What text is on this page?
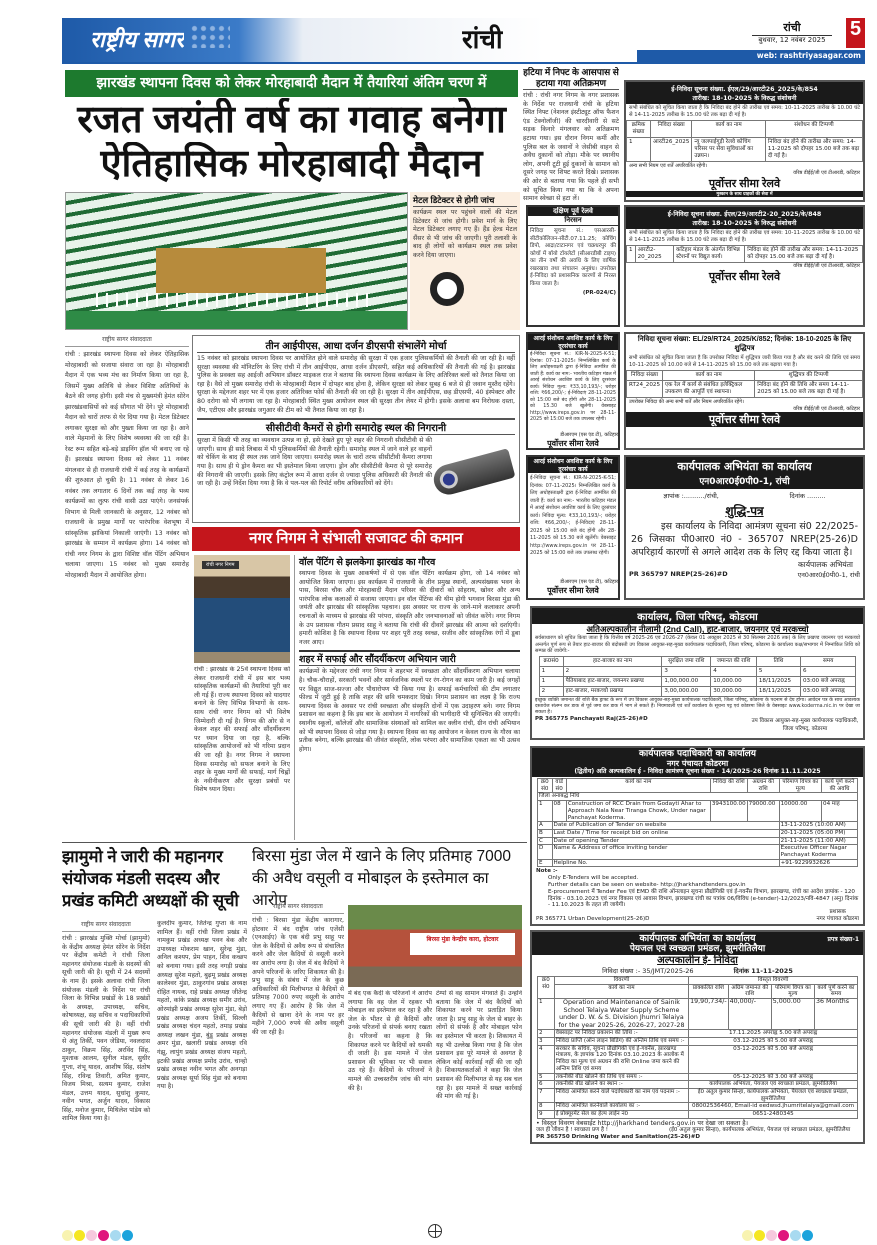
राष्ट्रीय सागर	रांची	रांची
बुधवार, 12 नवंबर 2025	5
web: rashtriyasagar.com
झारखंड स्थापना दिवस को लेकर मोरहाबादी मैदान में तैयारियां अंतिम चरण में
रजत जयंती वर्ष का गवाह बनेगा
ऐतिहासिक मोरहाबादी मैदान
मेटल डिटेक्टर से होगी जांच
कार्यक्रम स्थल पर पहुंचने वालों की मेटल डिटेक्टर से जांच होगी। प्रवेश मार्ग के लिए मेटल डिटेक्टर लगाए गए हैं। हैंड हेल्ड मेटल सैंसर से भी जांच की जाएगी। पूरी तलाशी के बाद ही लोगों को कार्यक्रम स्थल तक प्रवेश करने दिया जाएगा।
राष्ट्रीय सागर संवाददाता
रांची : झारखंड स्थापना दिवस को लेकर ऐतिहासिक मोरहाबादी को सजाया संवारा जा रहा है। मोरहाबादी मैदान में एक भव्य मंच का निर्माण किया जा रहा है, जिसमें मुख्य अतिथि से लेकर विशिष्ट अतिथियों के बैठने की जगह होगी। इसी मंच से मुख्यमंत्री हेमंत सोरेन झारखंडवासियों को कई सौगात भी देंगे। पूरे मोरहाबादी मैदान को चारों तरफ से घेर दिया गया है। मेटल डिटेक्टर लगाकर सुरक्षा को और पुख्ता किया जा रहा है। आने वाले मेहमानों के लिए विशेष व्यवस्था की जा रही है। रेस्ट रूम सहित बड़े-बड़े डाइनिंग हॉल भी बनाए जा रहे हैं। झारखंड स्थापना दिवस को लेकर 11 नवंबर मंगलवार से ही राजधानी रांची में कई तरह के कार्यक्रमों की शुरुआत हो चुकी है। 11 नवंबर से लेकर 16 नवंबर तक लगातार 6 दिनों तक कई तरह के भव्य कार्यक्रमों का लुत्फ रांची वासी उठा पाएंगे। जनसंपर्क विभाग से मिली जानकारी के अनुसार, 12 नवंबर को राजधानी के प्रमुख मार्गों पर पारंपरिक वेशभूषा में सांस्कृतिक झांकियां निकाली जाएंगी। 13 नवंबर को झारखंड के सम्मान में कार्यक्रम होगा। 14 नवंबर को रांची नगर निगम के द्वारा विशिष्ट वॉल पेंटिंग अभियान चलाया जाएगा। 15 नवंबर को मुख्य समारोह मोरहाबादी मैदान में आयोजित होगा।
तीन आईपीएस, आधा दर्जन डीएसपी संभालेंगे मोर्चा
15 नवंबर को झारखंड स्थापना दिवस पर आयोजित होने वाले समारोह की सुरक्षा में एक हजार पुलिसकर्मियों की तैनाती की जा रही है। वहीं सुरक्षा व्यवस्था की मॉनिटरिंग के लिए रांची में तीन आईपीएस, आधा दर्जन डीएसपी, सहित कई अधिकारियों की तैनाती की गई है। झारखंड पुलिस के प्रवक्ता सह आईजी अभियान डॉक्टर माइकल राज ने बताया कि स्थापना दिवस कार्यक्रम के लिए अतिरिक्त बलों को तैनात किया जा रहा है। वैसे तो मुख्य समारोह रांची के मोरहाबादी मैदान में दोपहर बाद होना है, लेकिन सुरक्षा को लेकर सुबह 6 बजे से ही जवान मुस्तैद रहेंगे। सुरक्षा के मद्देनजर शहर भर में एक हजार अतिरिक्त फोर्स की तैनाती की जा रही है। सुरक्षा में तीन आईपीएस, छह डीएसपी, 40 इंस्पेक्टर और 80 दरोगा को भी लगाया जा रहा है। मोरहाबादी स्थित मुख्य आयोजन स्थल की सुरक्षा तीन लेयर में होगी। इसके अलावा बम निरोधक दस्ता, जैप, एटीएस और झारखंड जगुआर की टीम को भी तैनात किया जा रहा है।
सीसीटीवी कैमरों से होगी समारोह स्थल की निगरानी
सुरक्षा में किसी भी तरह का व्यवधान उत्पन्न ना हो, इसे देखते हुए पूरे शहर की निगरानी सीसीटीवी से की जाएगी। साथ ही सादे लिबास में भी पुलिसकर्मियों की तैनाती रहेगी। समारोह स्थल में जाने वाले हर वाहनों को चेकिंग के बाद ही स्थल तक जाने दिया जाएगा। समारोह स्थल के चारों तरफ सीसीटीवी कैमरा लगाया गया है। साथ ही ये ड्रोन कैमरा का भी इस्तेमाल किया जाएगा। ड्रोन और सीसीटीवी कैमरा से पूरे समारोह की निगरानी की जाएगी। इसके लिए कंट्रोल रूम में आधा दर्जन से ज्यादा पुलिस अधिकारी की तैनाती की जा रही है। उन्हें निर्देश दिया गया है कि वे पल-पल की रिपोर्ट वरीय अधिकारियों को देंगे।
नगर निगम ने संभाली सजावट की कमान
रांची नगर निगम
रांची : झारखंड के 25वें स्थापना दिवस को लेकर राजधानी रांची में इस बार भव्य सांस्कृतिक कार्यक्रमों की तैयारियां पूरी कर ली गई हैं। राज्य स्थापना दिवस को यादगार बनाने के लिए विभिन्न विभागों के साथ-साथ रांची नगर निगम को भी विशेष जिम्मेदारी दी गई है। निगम की ओर से न केवल शहर की सफाई और सौंदर्यीकरण पर ध्यान दिया जा रहा है, बल्कि सांस्कृतिक आयोजनों को भी गरिमा प्रदान की जा रही है। नगर निगम ने स्थापना दिवस समारोह को सफल बनाने के लिए शहर के मुख्य मार्गों की सफाई, मार्ग चिह्नों के नवीनीकरण और सुरक्षा प्रबंधों पर विशेष ध्यान दिया।
वॉल पेंटिंग से झलकेगा झारखंड का गौरव
स्थापना दिवस के मुख्य आकर्षणों में से एक वॉल पेंटिंग कार्यक्रम होगा, जो 14 नवंबर को आयोजित किया जाएगा। इस कार्यक्रम में राजधानी के तीन प्रमुख स्थानों, अल्पसंख्यक भवन के पास, बिरसा चौक और मोरहाबादी मैदान परिसर की दीवारों को सोहराय, खोवर और अन्य पारंपरिक लोक कलाओं से सजाया जाएगा। इन वॉल पेंटिंग्स की थीम होगी भगवान बिरसा मुंडा की जयंती और झारखंड की सांस्कृतिक पहचान। इस अवसर पर राज्य के जाने-माने कलाकार अपनी रचनाओं के माध्यम से झारखंड की परंपरा, संस्कृति और जनभावनाओं को जीवंत करेंगे। नगर निगम के उप प्रशासक गौतम प्रसाद साहू ने बताया कि रांची की दीवारें झारखंड की आत्मा को दर्शाएंगी। हमारी कोशिश है कि स्थापना दिवस पर शहर पूरी तरह स्वच्छ, सजीव और सांस्कृतिक रंगों में डूबा नजर आए।
शहर में सफाई और सौंदर्यीकरण अभियान जारी
कार्यक्रमों के मद्देनजर रांची नगर निगम ने शहरभर में स्वच्छता और सौंदर्यीकरण अभियान चलाया है। चौक-चौराहों, सरकारी भवनों और सार्वजनिक स्थलों पर रंग-रोगन का काम जारी है। कई जगहों पर विद्युत साज-सज्जा और पौधारोपण भी किया गया है। सफाई कर्मचारियों की टीम लगातार फील्ड में जुटी हुई है ताकि शहर की छवि चमकदार दिखे। निगम प्रशासन का लक्ष्य है कि राज्य स्थापना दिवस के अवसर पर रांची स्वच्छता और संस्कृति दोनों में एक उदाहरण बने। नगर निगम प्रशासन का कहना है कि इस बार के आयोजन में नागरिकों की भागीदारी भी सुनिश्चित की जाएगी। स्थानीय स्कूलों, कॉलेजों और सामाजिक संस्थाओं को शामिल कर क्लीन रांची, ग्रीन रांची अभियान को भी स्थापना दिवस से जोड़ा गया है। स्थापना दिवस का यह आयोजन न केवल राज्य के गौरव का प्रतीक बनेगा, बल्कि झारखंड की जीवंत संस्कृति, लोक परंपरा और सामाजिक एकता का भी उत्सव होगा।
हटिया में निफ्ट के आसपास से हटाया गया अतिक्रमण
रांची : रांची नगर निगम के नगर प्रशासक के निर्देश पर राजधानी रांची के हटिया स्थित निफ्ट (नेशनल इंस्टीट्यूट ऑफ फैशन एंड टेक्नोलॉजी) की चारदीवारी से सटे सड़क किनारे मंगलवार को अतिक्रमण हटाया गया। इस दौरान निगम कर्मी और पुलिस बल के जवानों ने जेसीबी वाहन से अवैध दुकानों को तोड़ा। मौके पर स्थानीय लोग, अपनी टूटी हुई दुकानों के सामान को दूसरे जगह पर शिफ्ट करते दिखे। प्रशासक की ओर से बताया गया कि पहले ही सभी को सूचित किया गया था कि वे अपना सामान स्वेच्छा से हटा लें।
ई-निविदा सूचना संख्या. ईएल/29/आरटी26_2025/के/854
तारीख: 18-10-2025 के विरुद्ध संशोधनी
सभी संबंधित को सूचित किया जाता है कि निविदा बंद होने की तारीख एवं समय: 10-11-2025 तारीख के 10.00 घंटे से 14-11-2025 तारीख के 15.00 घंटे तक बढ़ा दी गई है।
क्रमिक संख्या	निविदा संख्या	कार्य का नाम	संशोधन की टिप्पणी
1	आरटी26_2025	न्यू जलपाईगुड़ी रेलवे कोचिंग परिसर पर सेवा सुविधाओं का उन्नयन।	निविदा बंद होने की तारीख और समय: 14-11-2025 को दोपहर 15.00 बजे तक बढ़ा दी गई है।
अन्य सभी नियम एवं शर्तें अपरिवर्तित रहेंगी।
वरिष्ठ डीईई/जी एवं टीआरडी, कटिहार
पूर्वोत्तर सीमा रेलवे
मुस्कान के साथ ग्राहकों की सेवा में
ई-निविदा सूचना संख्या. ईएल/29/आरटी2-20_2025/के/848
तारीख: 18-10-2025 के विरुद्ध संशोधनी
सभी संबंधित को सूचित किया जाता है कि निविदा बंद होने की तारीख एवं समय: 10-11-2025 तारीख के 10.00 घंटे से 14-11-2025 तारीख के 15.00 घंटे तक बढ़ा दी गई है।
1	आरटी2-20_2025	कटिहार मंडल के अंतर्गत विभिन्न स्टेशनों पर विद्युत कार्य।	निविदा बंद होने की तारीख और समय: 14-11-2025 को दोपहर 15.00 बजे तक बढ़ा दी गई है।
वरिष्ठ डीईई/जी एवं टीआरडी, कटिहार
पूर्वोत्तर सीमा रेलवे
दक्षिण पूर्व रेलवे
निरसन
निविदा सूचना सं.: एसआरसी-सीटीकोलिजन-सीटी.07.11.25; कोचिंग डिपो, आद्रा/टाटानगर एवं चक्रधरपुर की कोचों में बॉयो टॉयलेटों (सीआरडीबी टाइप) का तीन वर्षों की अवधि के लिए वार्षिक रखरखाव तथा संचालन अनुबंध। उपरोक्त ई-निविदा को प्रशासनिक कारणों से निरस्त किया जाता है।
(PR-024/C)
आरई संशोधन अवशिष्ट कार्य के लिए दूरसंचार कार्य
ई-निविदा सूचना सं.: KIR-N-2025-K-51; दिनांक: 07-11-2025। निम्नलिखित कार्य के लिए अधोहस्ताक्षरी द्वारा ई-निविदा आमंत्रित की जाती हैं: कार्य का नाम:- भारतीय कटिहार मंडल में आरई संशोधन अवशिष्ट कार्य के लिए दूरसंचार कार्य। निविदा मूल्य: ₹33,10,193/-; धरोहर राशि: ₹66,200/-; ई-निविदाएं 28-11-2025 को 15:00 बजे बंद होंगी और 28-11-2025 को 15.30 बजे खुलेंगी। वेबसाइट http://www.ireps.gov.in पर 28-11-2025 को 15:00 बजे तक उपलब्ध रहेगी।
डीआरएम (एस एंड टी), कटिहार
पूर्वोत्तर सीमा रेलवे
आरई संशोधन अवशिष्ट कार्य के लिए दूरसंचार कार्य
ई-निविदा सूचना सं.: KIR-N-2025-K-51; दिनांक: 07-11-2025। निम्नलिखित कार्य के लिए अधोहस्ताक्षरी द्वारा ई-निविदा आमंत्रित की जाती हैं: कार्य का नाम:- भारतीय कटिहार मंडल में आरई संशोधन अवशिष्ट कार्य के लिए दूरसंचार कार्य। निविदा मूल्य: ₹33,10,193/-; धरोहर राशि: ₹66,200/-; ई-निविदाएं 28-11-2025 को 15:00 बजे बंद होंगी और 28-11-2025 को 15.30 बजे खुलेंगी। वेबसाइट http://www.ireps.gov.in पर 28-11-2025 को 15:00 बजे तक उपलब्ध रहेगी।
डीआरएम (एस एंड टी), कटिहार
पूर्वोत्तर सीमा रेलवे
निविदा सूचना संख्या: EL/29/RT24_2025/K/852; दिनांक: 18-10-2025 के लिए शुद्धिपत्र
सभी संबंधित को सूचित किया जाता है कि उपरोक्त निविदा में शुद्धिपत्र जारी किया गया है और बंद करने की तिथि एवं समय 10-11-2025 को 10.00 बजे से 14-11-2025 को 15.00 बजे तक बढ़ाया गया है।
निविदा संख्या	कार्य का नाम	शुद्धिपत्र की टिप्पणी
RT24_2025	एक रेल में कार्य से संबंधित इलेक्ट्रिकल उपकरण की आपूर्ति एवं स्थापना।	निविदा बंद होने की तिथि और समय 14-11-2025 को 15.00 बजे तक बढ़ा दी गई है।
उपरोक्त निविदा की अन्य सभी शर्तें और नियम अपरिवर्तित रहेंगे।
वरिष्ठ डीईई/जी एवं टीआरडी, कटिहार
पूर्वोत्तर सीमा रेलवे
कार्यपालक अभियंता का कार्यालय
एन0आर0ई0पी0-1, रांची
ज्ञापांक :........../रांची,	दिनांक .........
शुद्धि-पत्र
इस कार्यालय के निविदा आमंत्रण सूचना सं0 22/2025-26 जिसका पी0आर0 नं0 - 365707 NREP(25-26)D अपरिहार्य कारणों से अगले आदेश तक के लिए रद्द किया जाता है।
कार्यपालक अभियंता
PR 365797 NREP(25-26)#D	एन0आर0ई0पी0-1, रांची
कार्यालय, जिला परिषद्, कोडरमा
अतिअल्पकालीन नीलामी (2nd Call), हाट-बाजार, जयनगर एवं मरकच्चो
सर्वसाधारण को सूचित किया जाता है कि वित्तीय वर्ष 2025-26 एवं 2026-27 (केवल 01 अक्टूबर 2025 से 30 सितम्बर 2026 तक) के लिए प्रखण्ड जयनगर एवं मरकच्चो अन्तर्गत पूर्ण रूप से तैयार हाट-बाजार की बंदोबस्ती उप विकास आयुक्त-सह-मुख्य कार्यपालक पदाधिकारी, जिला परिषद्, कोडरमा के कार्यालय कक्ष/सभागार में निम्नांकित तिथि को सम्पन्न की जायेगी:-
क्र0सं0	हाट-बाजार का नाम	सुरक्षित जमा राशि	जमानत की राशि	तिथि	समय
1	2	3	4	5	6
1	पैतियाबाद हाट-बाजार, जयनगर प्रखण्ड	1,00,000.00	10,000.00	18/11/2025	03:00 बजे अपराह्न
2	हाट-बाजार, मरकच्चो प्रखण्ड	3,00,000.00	30,000.00	18/11/2025	03:00 बजे अपराह्न
इच्छुक व्यक्ति जमानत की राशि बैंक ड्राफ्ट के रूप में उप विकास आयुक्त-सह-मुख्य कार्यपालक पदाधिकारी, जिला परिषद्, कोडरमा के पदनाम से देय होगा। आवेदन पत्र के साथ आवश्यक दस्तावेज संलग्न कर डाक से पूर्व जमा कर डाक में भाग ले सकते हैं। नियमावली एवं शर्तें कार्यालय के सूचना पट्ट एवं कोडरमा जिले के वेबसाइट www.koderma.nic.in पर देखा जा सकता है।
PR 365775 Panchayati Raj(25-26)#D	उप विकास आयुक्त-सह-मुख्य कार्यपालक पदाधिकारी, जिला परिषद्, कोडरमा
कार्यपालक पदाधिकारी का कार्यालय
नगर पंचायत कोडरमा
(द्वितीय) अति अल्पकालिन ई - निविदा आमंत्रण सूचना संख्या - 14/2025-26 दिनांक 11.11.2025
क्र0 सं0	वार्ड सं0	कार्य का नाम	निविदा की राशि	अग्रधन की राशि	परिमाण विपत्र का मूल्य	कार्य पूर्ण करने की अवधि
जिला अनाबद्ध निधि						
1	08	Construction of RCC Drain from Godayti Ahar to Approach Nala Near Tiranga Chowk, Under nagar Panchayat Koderma.	3943100.00	79000.00	10000.00	04 माह
A	Date of Publication of Tender on website				13-11-2025 (10:00 AM)	
B	Last Date / Time for receipt bid on online				20-11-2025 (05:00 PM)	
C	Date of opening Tender				21-11-2025 (11:00 AM)	
D	Name & Address of office inviting tender				Executive Officer Nagar Panchayat Koderma	
E	Helpline No.				+91-9229932626	
Note :-
Only E-Tenders will be accepted.
Further details can be seen on website- http://jharkhandtenders.gov.in
E-procurement में Tender Fee एवं EMD की राशि ऑनलाइन सूचना प्रौद्योगिकी एवं ई-गवर्नेंस विभाग, झारखण्ड, रांची का आदेश ज्ञापांक - 120 दिनांक - 03.10.2023 एवं नगर विकास एवं आवास विभाग, झारखण्ड रांची का पत्रांक 06/विविध (e-tender)-12/2023/नवि-4847 (अनु) दिनांक - 11.10.2023 के तहत ली जायेगी।
PR 365771 Urban Development(25-26)D
प्रशासक
नगर पंचायत कोडरमा
कार्यपालक अभियंता का कार्यालय
पेयजल एवं स्वच्छता प्रमंडल, झुमरीतिलैया
प्रपत्र संख्या-1
अल्पकालीन ई- निविदा
निविदा संख्या :- 35/JMT/2025-26	दिनांक 11-11-2025
क्र0 सं0	विवरणी	विस्तृत विवरणी			
	कार्य का नाम	प्राक्कलित राशि	अग्रिम जमानत की राशि	परिमाण विपत्र का मूल्य	कार्य पूर्ण करने का समय
1	Operation and Maintenance of Sainik School Telaiya Water Supply Scheme under D. W. & S. Division Jhumri Telaiya for the year 2025-26, 2026-27, 2027-28	19,90,734/-	40,000/-	5,000.00	36 Months
2	वेबसाइट पर निविदा प्रकाशन की तिथि :-	17.11.2025 अपराह्न 5.00 बजे अपराह्न			
3	निविदा प्राप्ति (ऑन लाइन बिडिंग) की अन्तिम तिथि एवं समय :-	03.12-2025 को 5.00 बजे अपराह्न			
4	सरकार के सचिव, सूचना प्रौद्योगिकी एवं ई-गवर्नेंस, झारखण्ड मंत्रालय, के ज्ञापांक 120 दिनांक 03.10.2023 के आलोक में निविदा का मूल्य एवं अग्रधन की राशि Online जमा करने की अन्तिम तिथि एवं समय	03-12-2025 को 5.00 बजे अपराह्न			
5	तकनीकी बीड खोलने की तिथि एवं समय :-	05-12-2025 को 3.00 बजे अपराह्न			
6	तकनीकी बीड खोलने का स्थान :-	कार्यपालक अभियंता, पेयजल एवं स्वच्छता प्रमंडल, झुमरीतिलैया			
7	निविदा आमंत्रित करने वाले पदाधिकारी का नाम एवं पदनाम :-	ई0 अतुल कुमार सिन्हा, कार्यपालक अभियंता, पेयजल एवं स्वच्छता प्रमंडल, झुमरीतिलैया			
8	निविदा आमंत्रित करनेवाले कार्यालय का :-	08002536460, Email-id eedwsd.jhumritelaiya@gmail.com			
9	ई प्रोक्यूरमेंट सेल का हेल्प लाईन नं0	0651-2480345			
• विस्तृत विवरण वेबसाईट http://jharkhand tenders.gov.in पर देखा जा सकता है।
जल ही जीवन है ! स्वच्छता प्रण है !	(ई0 अतुल कुमार सिन्हा), कार्यपालक अभियंता, पेयजल एवं स्वच्छता प्रमंडल, झुमरीतिलैया
PR 365750 Drinking Water and Sanitation(25-26)#D
झामुमो ने जारी की महानगर संयोजक मंडली सदस्य और प्रखंड कमिटी अध्यक्षों की सूची
राष्ट्रीय सागर संवाददाता
रांची : झारखंड मुक्ति मोर्चा (झामुमो) के केंद्रीय अध्यक्ष हेमंत सोरेन के निर्देश पर केंद्रीय कमेटी ने रांची जिला महानगर संयोजक मंडली के सदस्यों की सूची जारी की है। सूची में 24 सदस्यों के नाम हैं। इसके अलावा रांची जिला संयोजक मंडली के निर्देश पर रांची जिला के विभिन्न प्रखंडों के 18 प्रखंडों के अध्यक्ष, उपाध्यक्ष, सचिव, कोषाध्यक्ष, सह सचिव व पदाधिकारियों की सूची जारी की है। वहीं रांची महानगर संयोजक मंडली में मुख्य रूप से अंतु तिर्की, पवन जेडिया, नवलदास ठाकुर, विक्रम सिंह, अरविंद सिंह, मुश्ताक आलम, सुनील मंडल, सुधीर गुप्ता, शंभू यादव, आशीष सिंह, संतोष सिंह, रविन्द्र तिवारी, अमित कुमार, विजय मिश्रा, सत्यम कुमार, राजेश मंडल, उत्तम यादव, सुधांशु कुमार, नवीन भगत, अर्जुन यादव, विकास सिंह, मनोज कुमार, मिथिलेश पांडेय को शामिल किया गया है।
कुलदीप कुमार, जितेन्द्र गुप्ता के नाम शामिल हैं। वहीं रांची जिला प्रखंड में नामकुम प्रखंड अध्यक्ष पवन बेक और उपाध्यक्ष मोकराम खान, सुरेन्द्र मुंडा, अनिल कश्यप, प्रेम पाहन, शिव कच्छप को बनाया गया। इसी तरह नगड़ी प्रखंड अध्यक्ष सुरेश महतो, बुढ़मू प्रखंड अध्यक्ष कालेश्वर मुंडा, ठाकुरगांव प्रखंड अध्यक्ष रोहित नायक, राहे प्रखंड अध्यक्ष जीतेन्द्र महतो, कांके प्रखंड अध्यक्ष समीर उरांव, ओरमांझी प्रखंड अध्यक्ष सुरेश मुंडा, बेड़ो प्रखंड अध्यक्ष अजय तिर्की, सिल्ली प्रखंड अध्यक्ष चंदन महतो, तमाड़ प्रखंड अध्यक्ष लखन मुंडा, बुंडू प्रखंड अध्यक्ष अमर मुंडा, खलारी प्रखंड अध्यक्ष रवि गंझू, लापुंग प्रखंड अध्यक्ष संजय महतो, इटकी प्रखंड अध्यक्ष प्रमोद उरांव, चान्हो प्रखंड अध्यक्ष नवीन भगत और अनगड़ा प्रखंड अध्यक्ष सूर्या सिंह मुंडा को बनाया गया है।
बिरसा मुंडा जेल में खाने के लिए प्रतिमाह 7000 की अवैध वसूली व मोबाइल के इस्तेमाल का आरोप
राष्ट्रीय सागर संवाददाता
रांची : बिरसा मुंडा केंद्रीय कारागार, होटवार में बंद राष्ट्रीय जांच एजेंसी (एनआईए) के एक बंदी प्रभु साहू पर जेल के कैदियों से अवैध रूप से संचालित करने और जेल कैदियों से वसूली करने का आरोप लगा है। जेल में बंद कैदियों ने अपने परिजनों के जरिए शिकायत की है। प्रभु साहू के संबंध में जेल के कुछ अधिकारियों की मिलीभगत से कैदियों से प्रतिमाह 7000 रुपए वसूली के आरोप लगाए गए हैं। आरोप है कि जेल में कैदियों से खाना देने के नाम पर हर महीने 7,000 रुपये की अवैध वसूली की जा रही है।
बिरसा मुंडा केन्द्रीय कारा, होटवार
में बंद एक कैदी के परिजनों ने आरोप लगाया कि वह जेल में रहकर भी मोबाइल का इस्तेमाल कर रहा है और जेल के भीतर से ही कैदियों और उनके परिजनों से संपर्क बनाए रखता है। परिजनों का कहना है कि शिकायत करने पर कैदियों को धमकी दी जाती है। इस मामले में जेल प्रशासन की भूमिका पर भी सवाल उठ रहे हैं। कैदियों के परिजनों ने मामले की उच्चस्तरीय जांच की मांग की है।
टेम्पो से वह सामान मंगवाते हैं। उन्होंने बताया कि जेल में बंद कैदियों को शिकायत करने पर प्रताड़ित किया जाता है। प्रभु साहू के जेल से बाहर के लोगों से संपर्क है और मोबाइल फोन का इस्तेमाल भी करता है। शिकायत में यह भी उल्लेख किया गया है कि जेल प्रशासन इस पूरे मामले से अवगत है लेकिन कोई कार्रवाई नहीं की जा रही है। शिकायतकर्ताओं ने कहा कि जेल प्रशासन की मिलीभगत से यह सब चल रहा है। इस मामले में सख्त कार्रवाई की मांग की गई है।
